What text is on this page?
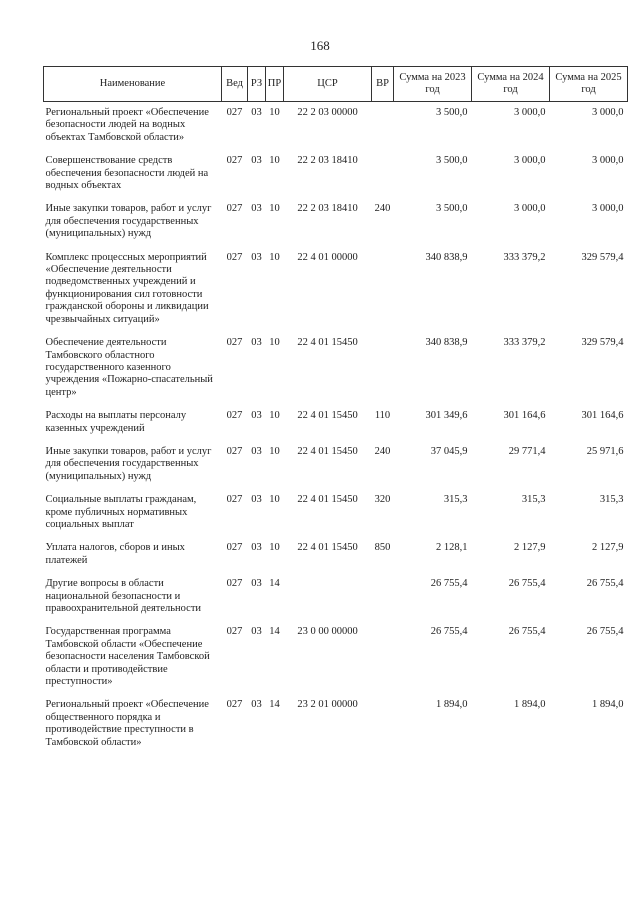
168
Наименование	Вед	РЗ	ПР	ЦСР	ВР	Сумма на 2023 год	Сумма на 2024 год	Сумма на 2025 год
Региональный проект «Обеспечение безопасности людей на водных объектах Тамбовской области»	027	03	10	22 2 03 00000		3 500,0	3 000,0	3 000,0
Совершенствование средств обеспечения безопасности людей на водных объектах	027	03	10	22 2 03 18410		3 500,0	3 000,0	3 000,0
Иные закупки товаров, работ и услуг для обеспечения государственных (муниципальных) нужд	027	03	10	22 2 03 18410	240	3 500,0	3 000,0	3 000,0
Комплекс процессных мероприятий «Обеспечение деятельности подведомственных учреждений и функционирования сил готовности гражданской обороны и ликвидации чрезвычайных ситуаций»	027	03	10	22 4 01 00000		340 838,9	333 379,2	329 579,4
Обеспечение деятельности Тамбовского областного государственного казенного учреждения «Пожарно-спасательный центр»	027	03	10	22 4 01 15450		340 838,9	333 379,2	329 579,4
Расходы на выплаты персоналу казенных учреждений	027	03	10	22 4 01 15450	110	301 349,6	301 164,6	301 164,6
Иные закупки товаров, работ и услуг для обеспечения государственных (муниципальных) нужд	027	03	10	22 4 01 15450	240	37 045,9	29 771,4	25 971,6
Социальные выплаты гражданам, кроме публичных нормативных социальных выплат	027	03	10	22 4 01 15450	320	315,3	315,3	315,3
Уплата налогов, сборов и иных платежей	027	03	10	22 4 01 15450	850	2 128,1	2 127,9	2 127,9
Другие вопросы в области национальной безопасности и правоохранительной деятельности	027	03	14			26 755,4	26 755,4	26 755,4
Государственная программа Тамбовской области «Обеспечение безопасности населения Тамбовской области и противодействие преступности»	027	03	14	23 0 00 00000		26 755,4	26 755,4	26 755,4
Региональный проект «Обеспечение общественного порядка и противодействие преступности в Тамбовской области»	027	03	14	23 2 01 00000		1 894,0	1 894,0	1 894,0
